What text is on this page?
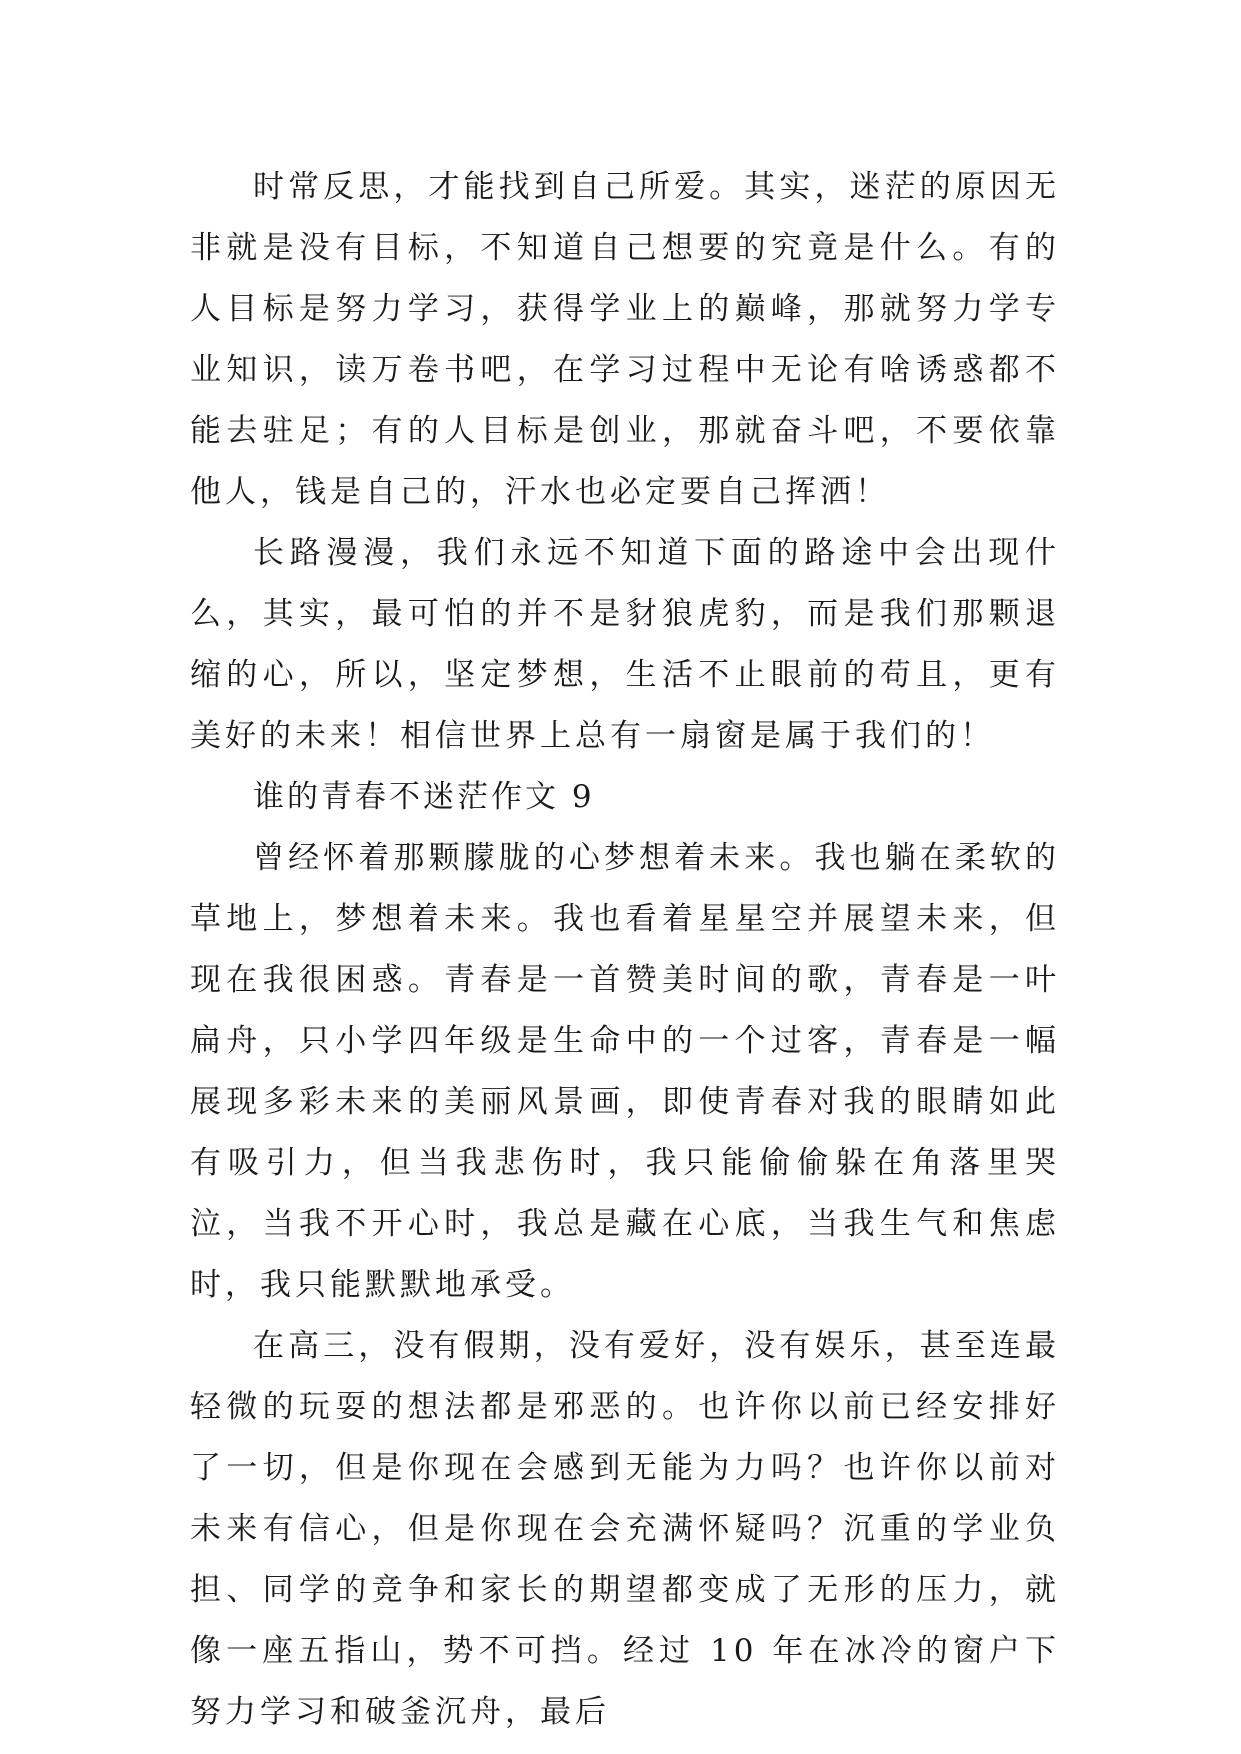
时常反思，才能找到自己所爱。其实，迷茫的原因无非就是没有目标，不知道自己想要的究竟是什么。有的人目标是努力学习，获得学业上的巅峰，那就努力学专业知识，读万卷书吧，在学习过程中无论有啥诱惑都不能去驻足；有的人目标是创业，那就奋斗吧，不要依靠他人，钱是自己的，汗水也必定要自己挥洒！

长路漫漫，我们永远不知道下面的路途中会出现什么，其实，最可怕的并不是豺狼虎豹，而是我们那颗退缩的心，所以，坚定梦想，生活不止眼前的苟且，更有美好的未来！相信世界上总有一扇窗是属于我们的！

谁的青春不迷茫作文 9

曾经怀着那颗朦胧的心梦想着未来。我也躺在柔软的草地上，梦想着未来。我也看着星星空并展望未来，但现在我很困惑。青春是一首赞美时间的歌，青春是一叶扁舟，只小学四年级是生命中的一个过客，青春是一幅展现多彩未来的美丽风景画，即使青春对我的眼睛如此有吸引力，但当我悲伤时，我只能偷偷躲在角落里哭泣，当我不开心时，我总是藏在心底，当我生气和焦虑时，我只能默默地承受。

在高三，没有假期，没有爱好，没有娱乐，甚至连最轻微的玩耍的想法都是邪恶的。也许你以前已经安排好了一切，但是你现在会感到无能为力吗？也许你以前对未来有信心，但是你现在会充满怀疑吗？沉重的学业负担、同学的竞争和家长的期望都变成了无形的压力，就像一座五指山，势不可挡。经过 10 年在冰冷的窗户下努力学习和破釜沉舟，最后
